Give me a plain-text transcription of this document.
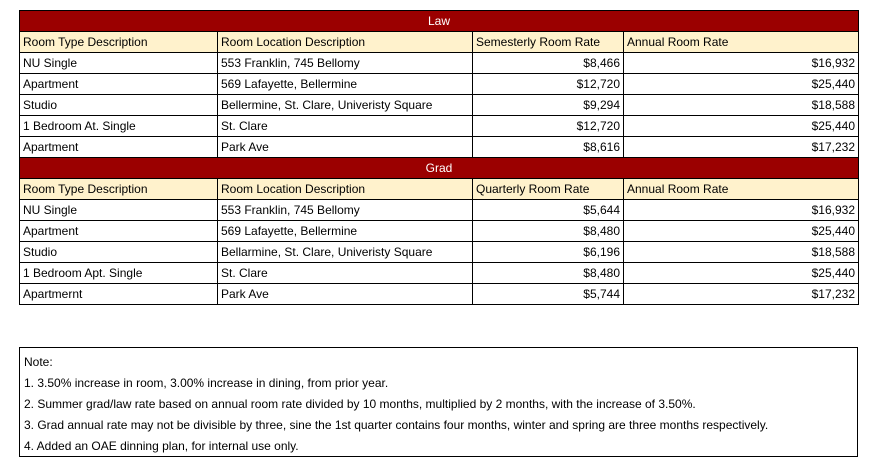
Law			
Room Type Description	Room Location Description	Semesterly Room Rate	Annual Room Rate
NU Single	553 Franklin, 745 Bellomy	$8,466	$16,932
Apartment	569 Lafayette, Bellermine	$12,720	$25,440
Studio	Bellermine, St. Clare, Univeristy Square	$9,294	$18,588
1 Bedroom At. Single	St. Clare	$12,720	$25,440
Apartment	Park Ave	$8,616	$17,232
Grad			
Room Type Description	Room Location Description	Quarterly Room Rate	Annual Room Rate
NU Single	553 Franklin, 745 Bellomy	$5,644	$16,932
Apartment	569 Lafayette, Bellermine	$8,480	$25,440
Studio	Bellarmine, St. Clare, Univeristy Square	$6,196	$18,588
1 Bedroom Apt. Single	St. Clare	$8,480	$25,440
Apartmernt	Park Ave	$5,744	$17,232
Note:
1. 3.50% increase in room, 3.00% increase in dining, from prior year.
2. Summer grad/law rate based on annual room rate divided by 10 months, multiplied by 2 months, with the increase of 3.50%.
3. Grad annual rate may not be divisible by three, sine the 1st quarter contains four months, winter and spring are three months respectively.
4. Added an OAE dinning plan, for internal use only.
